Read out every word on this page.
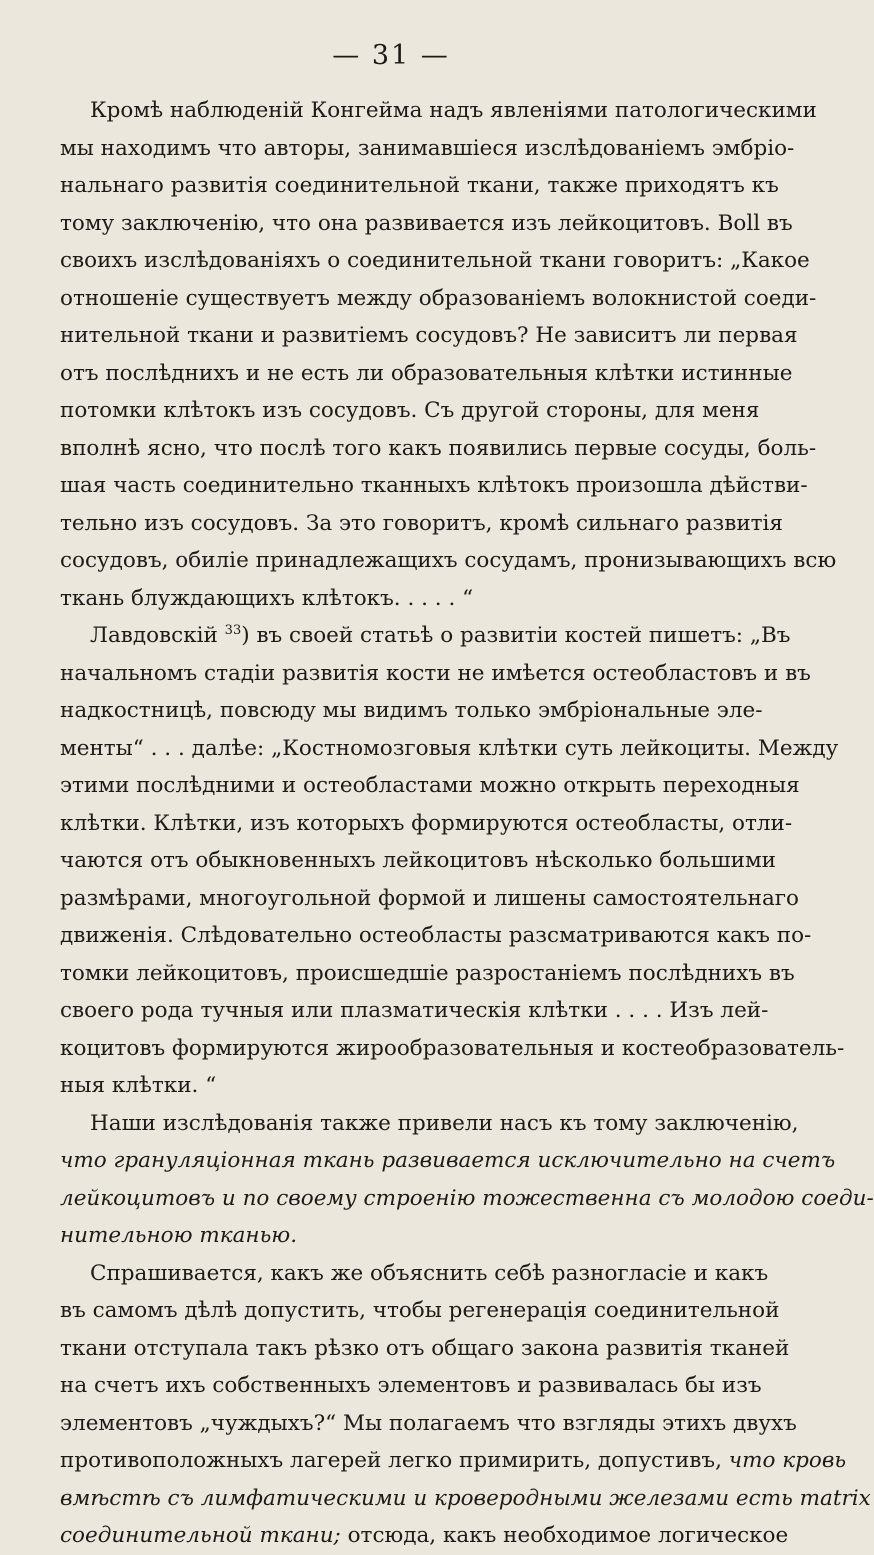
— 31 —
Кромѣ наблюденій Конгейма надъ явленіями патологическими
мы находимъ что авторы, занимавшіеся изслѣдованіемъ эмбріо-
нальнаго развитія соединительной ткани, также приходятъ къ
тому заключенію, что она развивается изъ лейкоцитовъ. Воll въ
своихъ изслѣдованіяхъ о соединительной ткани говоритъ: „Какое
отношеніе существуетъ между образованіемъ волокнистой соеди-
нительной ткани и развитіемъ сосудовъ? Не зависитъ ли первая
отъ послѣднихъ и не есть ли образовательныя клѣтки истинные
потомки клѣтокъ изъ сосудовъ. Съ другой стороны, для меня
вполнѣ ясно, что послѣ того какъ появились первые сосуды, боль-
шая часть соединительно тканныхъ клѣтокъ произошла дѣйстви-
тельно изъ сосудовъ. За это говоритъ, кромѣ сильнаго развитія
сосудовъ, обиліе принадлежащихъ сосудамъ, пронизывающихъ всю
ткань блуждающихъ клѣтокъ. . . . . “
Лавдовскій $^{33}$) въ своей статьѣ о развитіи костей пишетъ: „Въ
начальномъ стадіи развитія кости не имѣется остеобластовъ и въ
надкостницѣ, повсюду мы видимъ только эмбріональные эле-
менты“ . . . далѣе: „Костномозговыя клѣтки суть лейкоциты. Между
этими послѣдними и остеобластами можно открыть переходныя
клѣтки. Клѣтки, изъ которыхъ формируются остеобласты, отли-
чаются отъ обыкновенныхъ лейкоцитовъ нѣсколько большими
размѣрами, многоугольной формой и лишены самостоятельнаго
движенія. Слѣдовательно остеобласты разсматриваются какъ по-
томки лейкоцитовъ, происшедшіе разростаніемъ послѣднихъ въ
своего рода тучныя или плазматическія клѣтки . . . . Изъ лей-
коцитовъ формируются жирообразовательныя и костеобразователь-
ныя клѣтки. “
Наши изслѣдованія также привели насъ къ тому заключенію,
что грануляціонная ткань развивается исключительно на счетъ
лейкоцитовъ и по своему строенію тожественна съ молодою соеди-
нительною тканью.
Спрашивается, какъ же объяснить себѣ разногласіе и какъ
въ самомъ дѣлѣ допустить, чтобы регенерація соединительной
ткани отступала такъ рѣзко отъ общаго закона развитія тканей
на счетъ ихъ собственныхъ элементовъ и развивалась бы изъ
элементовъ „чуждыхъ?“ Мы полагаемъ что взгляды этихъ двухъ
противоположныхъ лагерей легко примирить, допустивъ, что кровь
вмѣстѣ съ лимфатическими и кроверодными железами есть matrix
соединительной ткани; отсюда, какъ необходимое логическое
